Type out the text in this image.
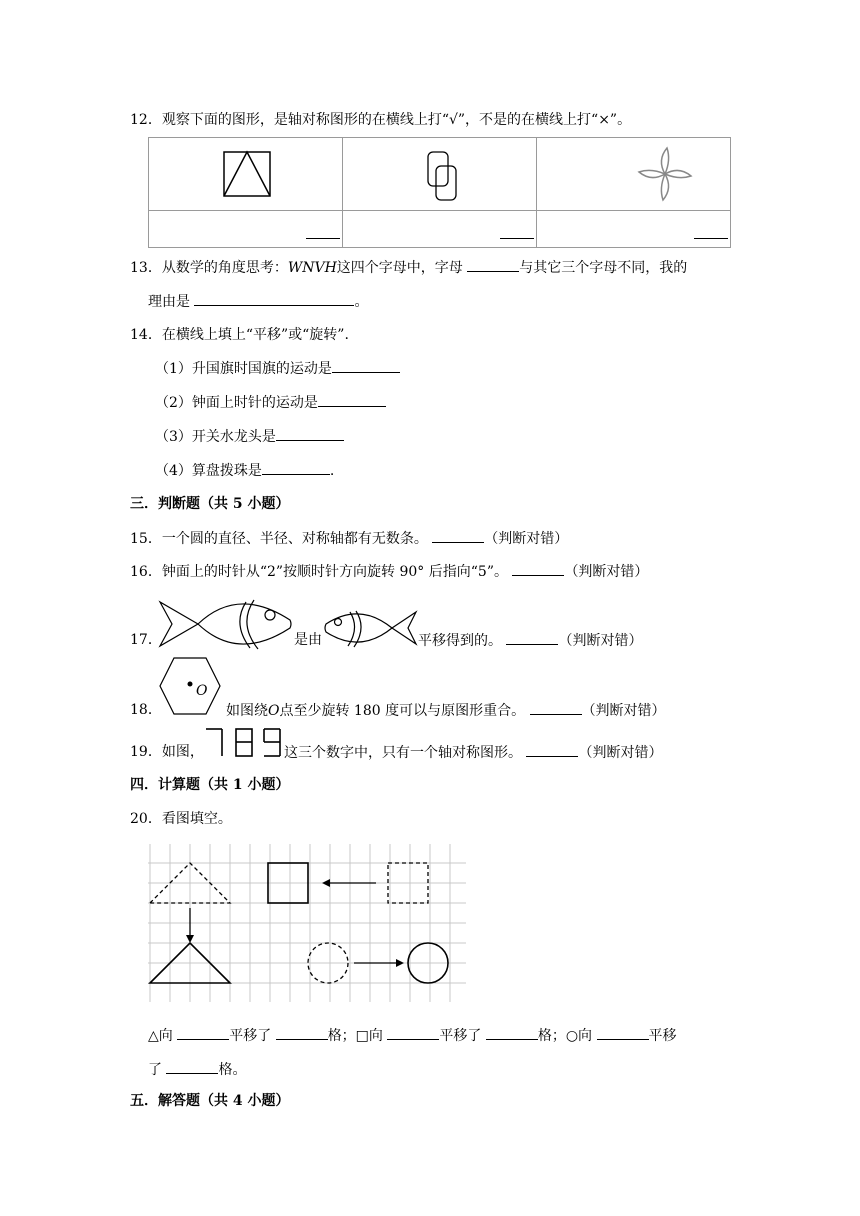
12．观察下面的图形，是轴对称图形的在横线上打“√”，不是的在横线上打“×”。

13．从数学的角度思考：WNVH这四个字母中，字母	与其它三个字母不同，我的
理由是	。
14．在横线上填上“平移”或“旋转”.
（1）升国旗时国旗的运动是
（2）钟面上时针的运动是
（3）开关水龙头是
（4）算盘拨珠是	.
三．判断题（共 5 小题）
15．一个圆的直径、半径、对称轴都有无数条。	（判断对错）
16．钟面上的时针从“2”按顺时针方向旋转 90° 后指向“5”。	（判断对错）
17．	是由	平移得到的。	（判断对错）
18．
O
如图绕O点至少旋转 180 度可以与原图形重合。	（判断对错）
19．如图，	这三个数字中，只有一个轴对称图形。	（判断对错）
四．计算题（共 1 小题）
20．看图填空。
△向	平移了	格；□向	平移了	格；○向	平移
了	格。
五．解答题（共 4 小题）
